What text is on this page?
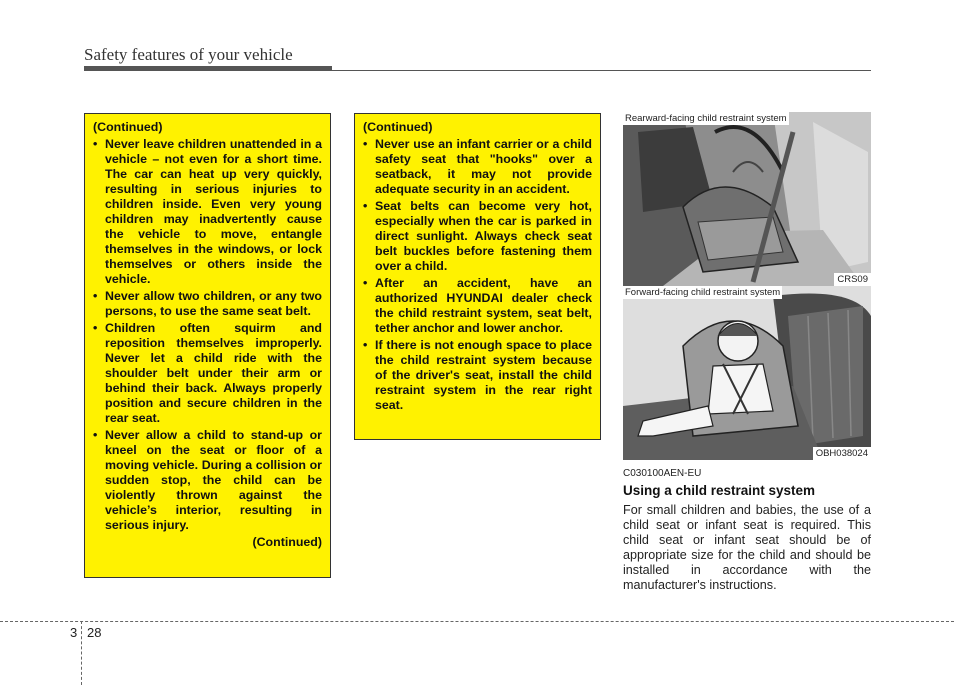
Safety features of your vehicle
(Continued)
• Never leave children unattended in a vehicle – not even for a short time. The car can heat up very quickly, resulting in serious injuries to children inside. Even very young children may inadvertently cause the vehicle to move, entangle themselves in the windows, or lock themselves or others inside the vehicle.
• Never allow two children, or any two persons, to use the same seat belt.
• Children often squirm and reposition themselves improperly. Never let a child ride with the shoulder belt under their arm or behind their back. Always properly position and secure children in the rear seat.
• Never allow a child to stand-up or kneel on the seat or floor of a moving vehicle. During a collision or sudden stop, the child can be violently thrown against the vehicle’s interior, resulting in serious injury.
(Continued)
(Continued)
• Never use an infant carrier or a child safety seat that "hooks" over a seatback, it may not provide adequate security in an accident.
• Seat belts can become very hot, especially when the car is parked in direct sunlight. Always check seat belt buckles before fastening them over a child.
• After an accident, have an authorized HYUNDAI dealer check the child restraint system, seat belt, tether anchor and lower anchor.
• If there is not enough space to place the child restraint system because of the driver's seat, install the child restraint system in the rear right seat.
Rearward-facing child restraint system
CRS09
Forward-facing child restraint system
OBH038024
C030100AEN-EU
Using a child restraint system
For small children and babies, the use of a child seat or infant seat is required. This child seat or infant seat should be of appropriate size for the child and should be installed in accordance with the manufacturer's instructions.
3 28
